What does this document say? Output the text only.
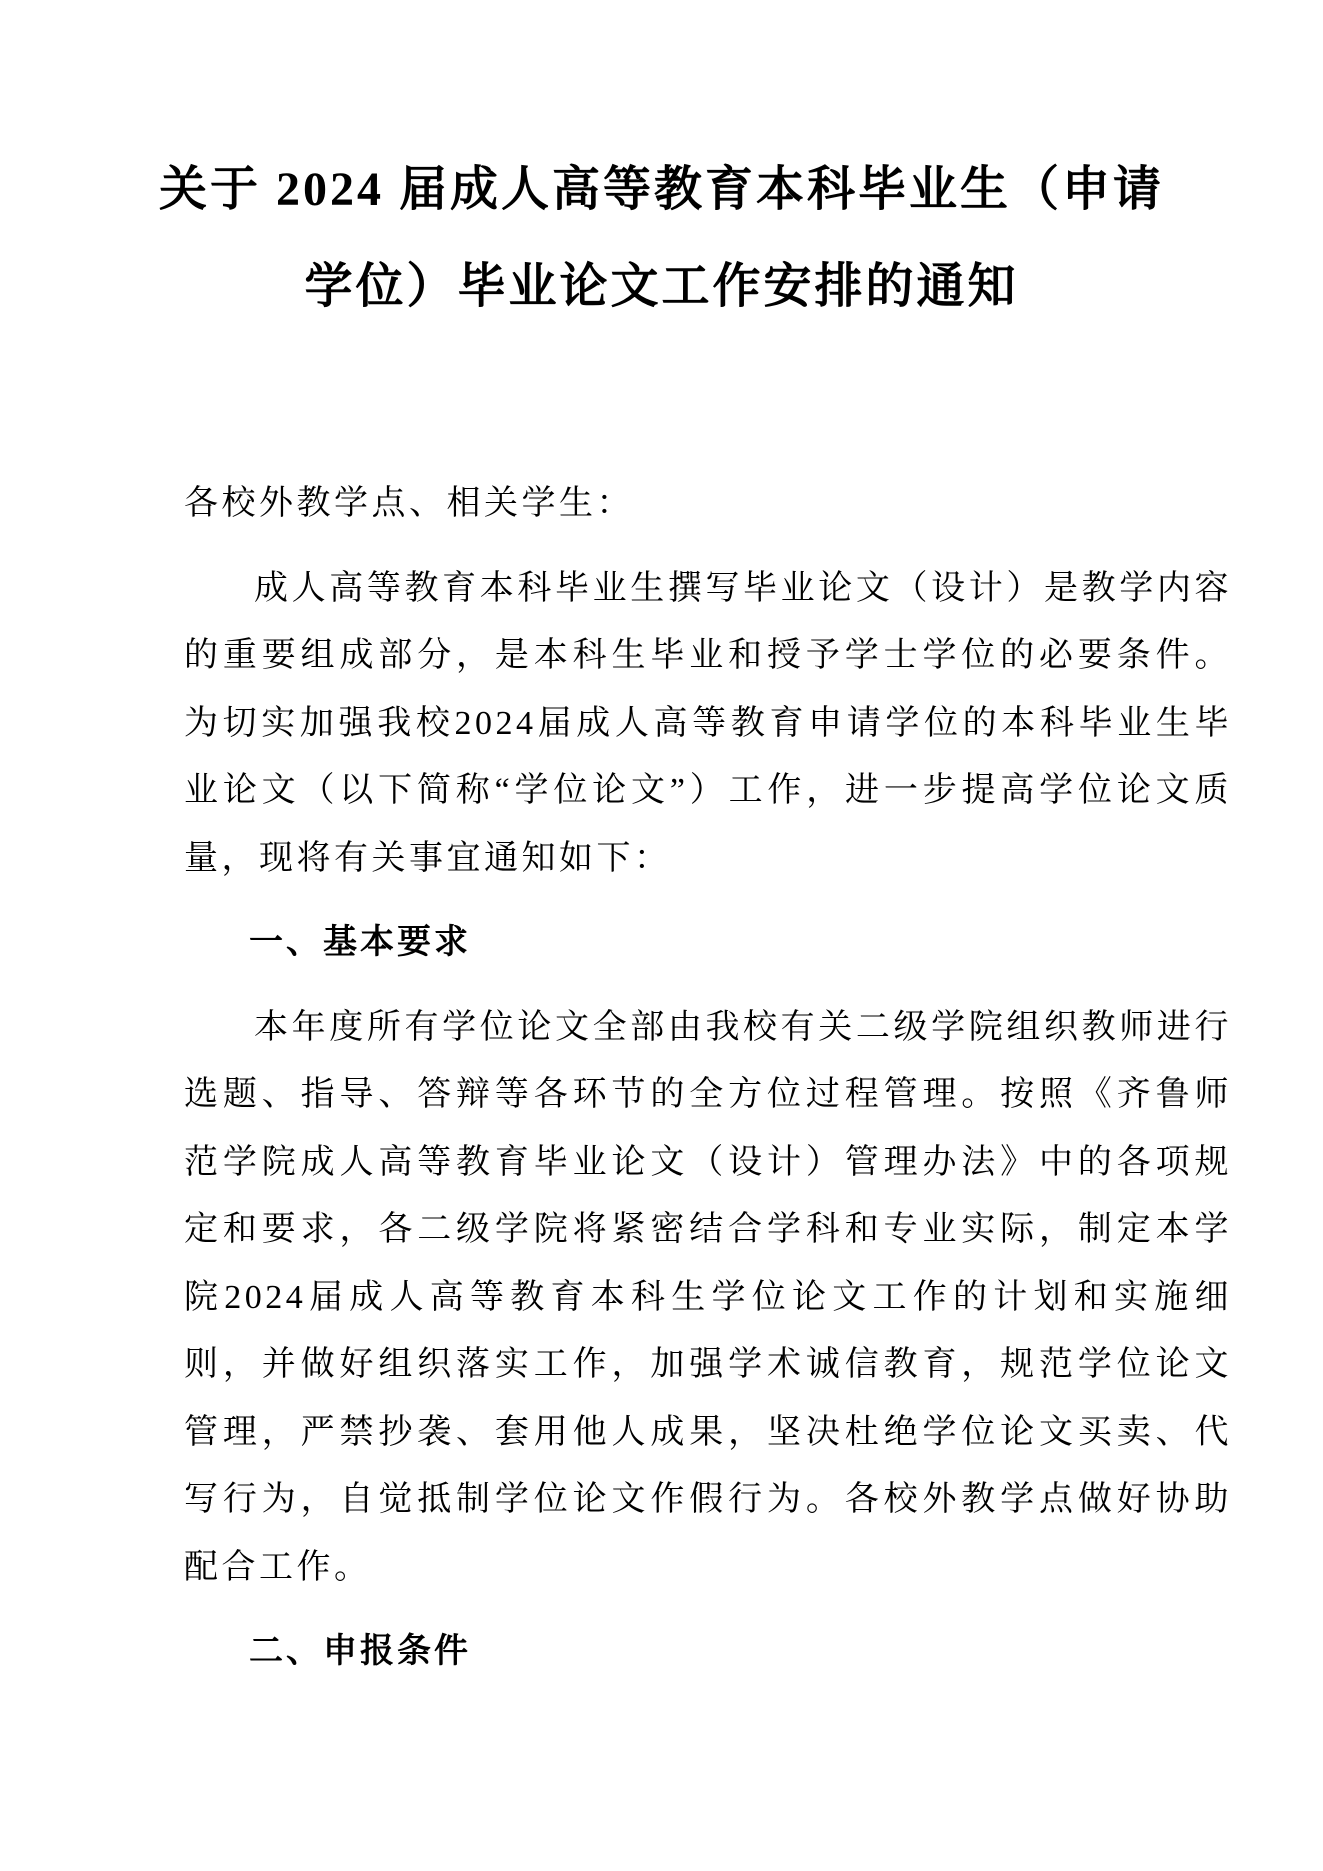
关于 2024 届成人高等教育本科毕业生（申请
学位）毕业论文工作安排的通知

各校外教学点、相关学生：

成人高等教育本科毕业生撰写毕业论文（设计）是教学内容的重要组成部分，是本科生毕业和授予学士学位的必要条件。为切实加强我校2024届成人高等教育申请学位的本科毕业生毕业论文（以下简称“学位论文”）工作，进一步提高学位论文质量，现将有关事宜通知如下：

一、基本要求

本年度所有学位论文全部由我校有关二级学院组织教师进行选题、指导、答辩等各环节的全方位过程管理。按照《齐鲁师范学院成人高等教育毕业论文（设计）管理办法》中的各项规定和要求，各二级学院将紧密结合学科和专业实际，制定本学院2024届成人高等教育本科生学位论文工作的计划和实施细则，并做好组织落实工作，加强学术诚信教育，规范学位论文管理，严禁抄袭、套用他人成果，坚决杜绝学位论文买卖、代写行为，自觉抵制学位论文作假行为。各校外教学点做好协助配合工作。

二、申报条件
